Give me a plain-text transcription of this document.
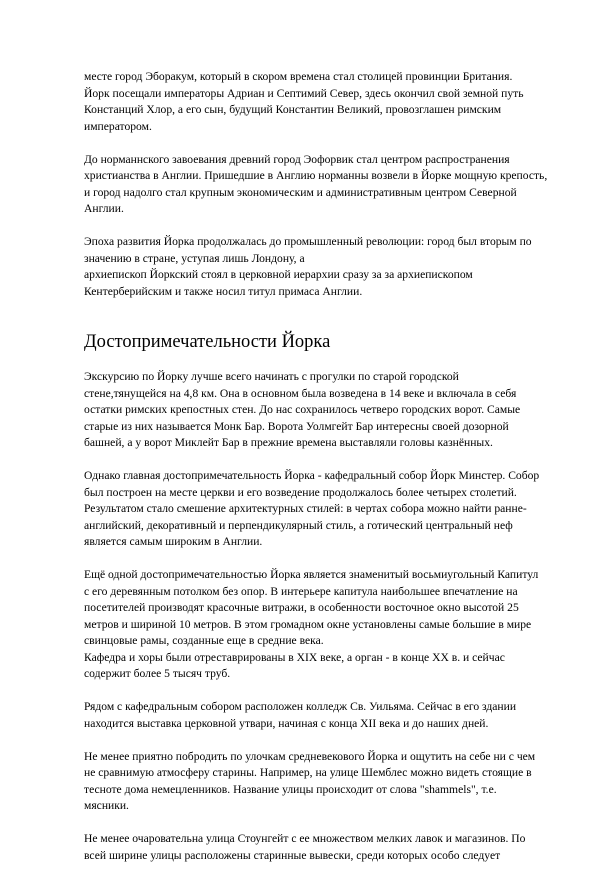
месте город Эборакум, который в скором времена стал столицей провинции Британия.
Йорк посещали императоры Адриан и Септимий Север, здесь окончил свой земной путь
Констанций Хлор, а его сын, будущий Константин Великий, провозглашен римским
императором.

До норманнского завоевания древний город Эофорвик стал центром распространения
христианства в Англии. Пришедшие в Англию норманны возвели в Йорке мощную крепость,
и город надолго стал крупным экономическим и административным центром Северной
Англии.

Эпоха развития Йорка продолжалась до промышленный революции: город был вторым по
значению в стране, уступая лишь Лондону, а
архиепископ Йоркский стоял в церковной иерархии сразу за за архиепископом
Кентерберийским и также носил титул примаса Англии.

Достопримечательности Йорка

Экскурсию по Йорку лучше всего начинать с прогулки по старой городской
стене,тянущейся на 4,8 км. Она в основном была возведена в 14 веке и включала в себя
остатки римских крепостных стен. До нас сохранилось четверо городских ворот. Самые
старые из них называется Монк Бар. Ворота Уолмгейт Бар интересны своей дозорной
башней, а у ворот Миклейт Бар в прежние времена выставляли головы казнённых.

Однако главная достопримечательность Йорка - кафедральный собор Йорк Минстер. Собор
был построен на месте церкви и его возведение продолжалось более четырех столетий.
Результатом стало смешение архитектурных стилей: в чертах собора можно найти ранне-
английский, декоративный и перпендикулярный стиль, а готический центральный неф
является самым широким в Англии.

Ещё одной достопримечательностью Йорка является знаменитый восьмиугольный Капитул
с его деревянным потолком без опор. В интерьере капитула наибольшее впечатление на
посетителей производят красочные витражи, в особенности восточное окно высотой 25
метров и шириной 10 метров. В этом громадном окне установлены самые большие в мире
свинцовые рамы, созданные еще в средние века.
Кафедра и хоры были отреставрированы в XIX веке, а орган - в конце XX в. и сейчас
содержит более 5 тысяч труб.

Рядом с кафедральным собором расположен колледж Св. Уильяма. Сейчас в его здании
находится выставка церковной утвари, начиная с конца XII века и до наших дней.

Не менее приятно побродить по улочкам средневекового Йорка и ощутить на себе ни с чем
не сравнимую атмосферу старины. Например, на улице Шемблес можно видеть стоящие в
тесноте дома немецленников. Название улицы происходит от слова "shammels", т.е.
мясники.

Не менее очаровательна улица Стоунгейт с ее множеством мелких лавок и магазинов. По
всей ширине улицы расположены старинные вывески, среди которых особо следует
